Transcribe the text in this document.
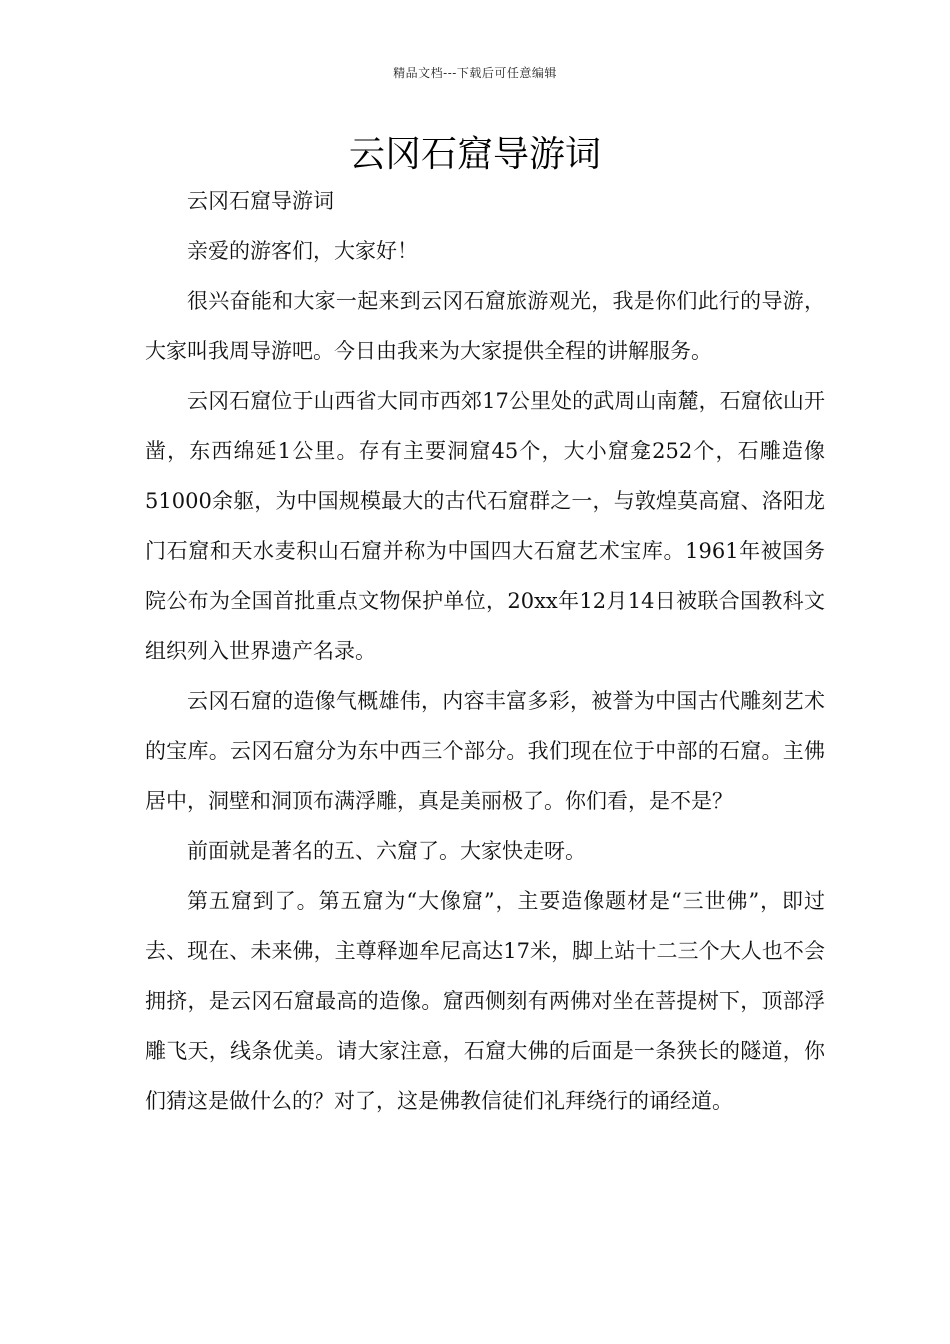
精品文档---下载后可任意编辑
云冈石窟导游词

云冈石窟导游词

亲爱的游客们，大家好！

很兴奋能和大家一起来到云冈石窟旅游观光，我是你们此行的导游，大家叫我周导游吧。今日由我来为大家提供全程的讲解服务。

云冈石窟位于山西省大同市西郊17公里处的武周山南麓，石窟依山开凿，东西绵延1公里。存有主要洞窟45个，大小窟龛252个，石雕造像51000余躯，为中国规模最大的古代石窟群之一，与敦煌莫高窟、洛阳龙门石窟和天水麦积山石窟并称为中国四大石窟艺术宝库。1961年被国务院公布为全国首批重点文物保护单位，20xx年12月14日被联合国教科文组织列入世界遗产名录。

云冈石窟的造像气概雄伟，内容丰富多彩，被誉为中国古代雕刻艺术的宝库。云冈石窟分为东中西三个部分。我们现在位于中部的石窟。主佛居中，洞壁和洞顶布满浮雕，真是美丽极了。你们看，是不是？

前面就是著名的五、六窟了。大家快走呀。

第五窟到了。第五窟为“大像窟”，主要造像题材是“三世佛”，即过去、现在、未来佛，主尊释迦牟尼高达17米，脚上站十二三个大人也不会拥挤，是云冈石窟最高的造像。窟西侧刻有两佛对坐在菩提树下，顶部浮雕飞天，线条优美。请大家注意，石窟大佛的后面是一条狭长的隧道，你们猜这是做什么的？对了，这是佛教信徒们礼拜绕行的诵经道。
